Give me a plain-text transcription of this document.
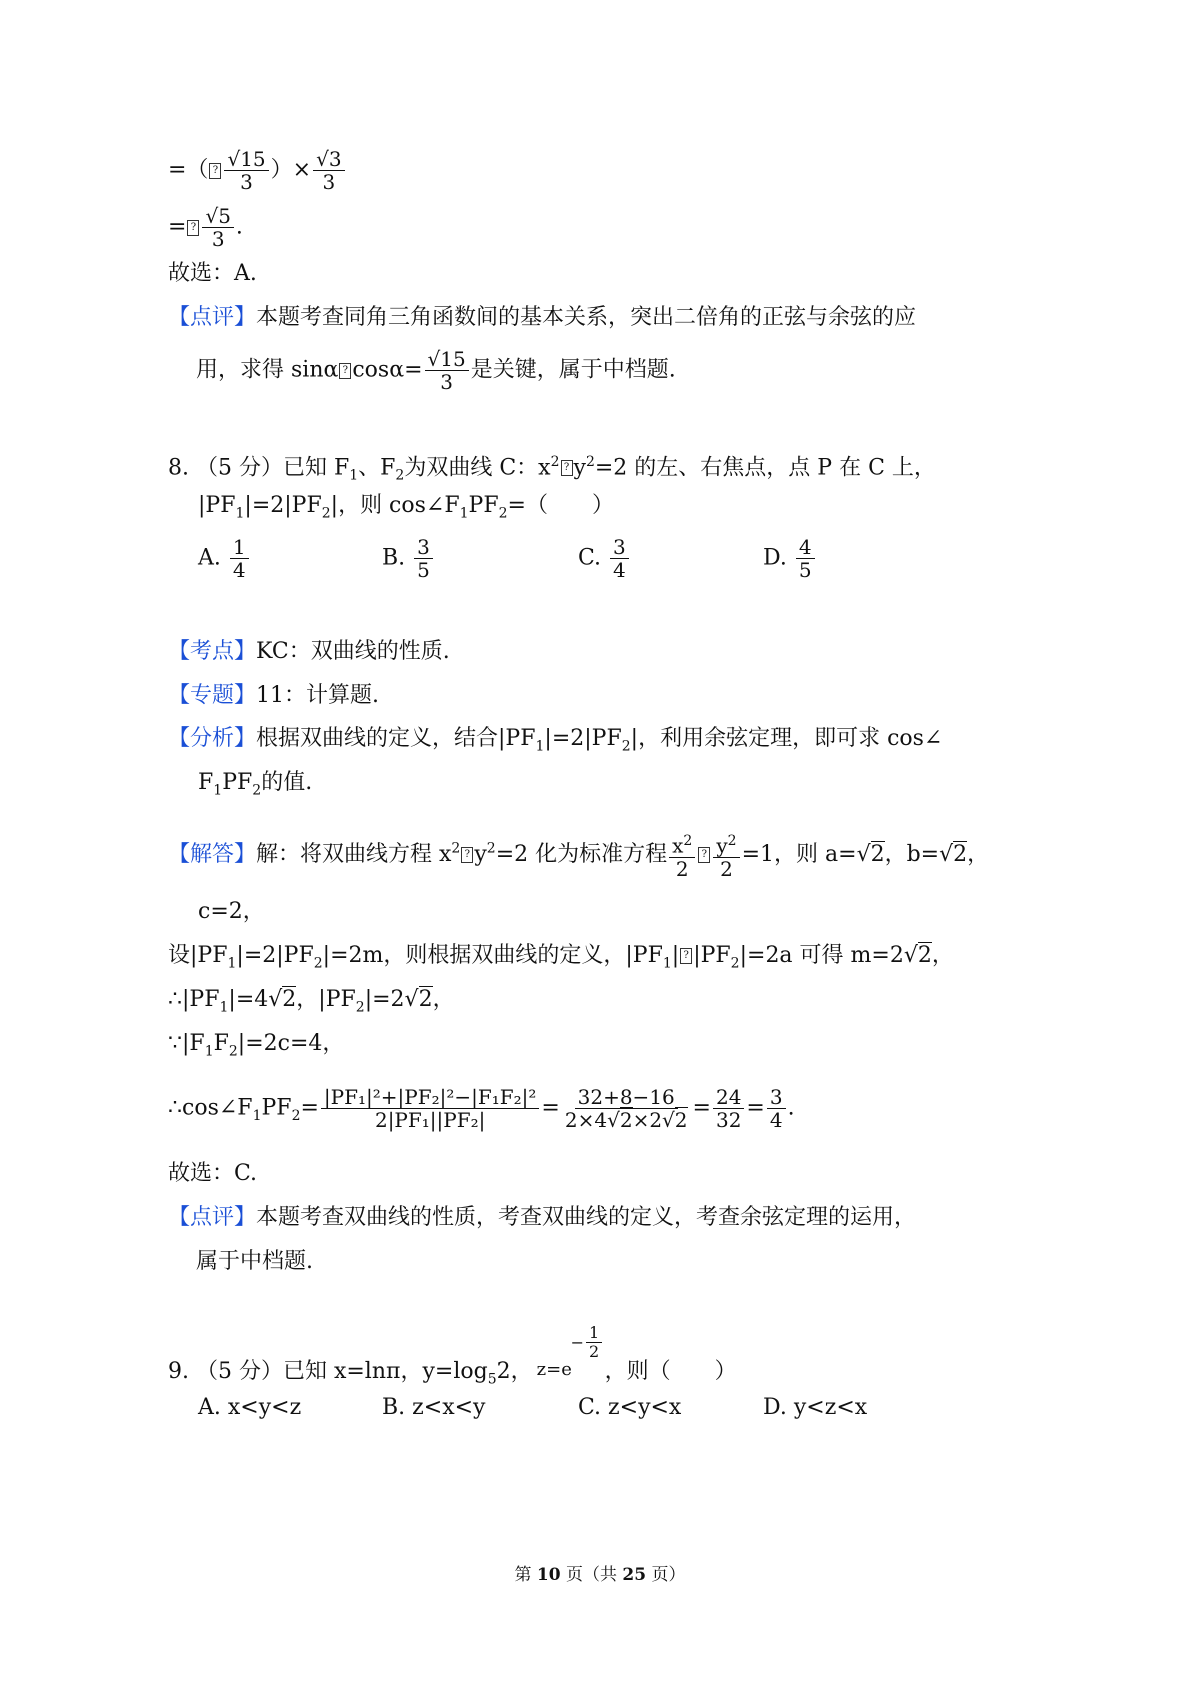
=（ ? $\frac{√15}{3}$ ）× $\frac{√3}{3}$
= ? $\frac{√5}{3}$ .
故选：A.
【点评】本题考查同角三角函数间的基本关系，突出二倍角的正弦与余弦的应
用，求得 sinα ? $\cos\alpha= \frac{√15}{3}$ 是关键，属于中档题.
8. （5 分）已知 $F_1$、$F_2$为双曲线 C：$x^2$ ? $y^2=2$ 的左、右焦点，点 P 在 C 上，
$|PF_1|=2|PF_2|$，则 $\cos\angle F_1PF_2=$（　　）
A. $\frac{1}{4}$	B. $\frac{3}{5}$	C. $\frac{3}{4}$	D. $\frac{4}{5}$
【考点】KC：双曲线的性质.
【专题】11：计算题.
【分析】根据双曲线的定义，结合$|PF_1|=2|PF_2|$，利用余弦定理，即可求 cos∠
$F_1PF_2$的值.
【解答】解：将双曲线方程 $x^2$ ? $y^2=2$ 化为标准方程 $\frac{x^2}{2}$ ? $\frac{y^2}{2} =1$，则 a=√2，b=√2，
c=2，
设$|PF_1|=2|PF_2|=2m$，则根据双曲线的定义，$|PF_1|$ ? $|PF_2|=2a$ 可得 m=2√2，
$\therefore|PF_1|=4√2$，$|PF_2|=2√2$，
$\because|F_1F_2|=2c=4$，
$\therefore\cos\angle F_1PF_2= \frac{\text{|PF₁|²+|PF₂|²−|F₁F₂|²}}{\text{2|PF₁||PF₂|}} = \frac{32+8-16}{2\times 4√2\times 2√2} = \frac{24}{32} = \frac{3}{4}$ .
故选：C.
【点评】本题考查双曲线的性质，考查双曲线的定义，考查余弦定理的运用，
属于中档题.
9. （5 分）已知 x=lnπ，$y=\log_52$， z=e
− $\frac{1}{2}$
，则（　　）
A. x<y<z	B. z<x<y	C. z<y<x	D. y<z<x
第 10 页（共 25 页）
